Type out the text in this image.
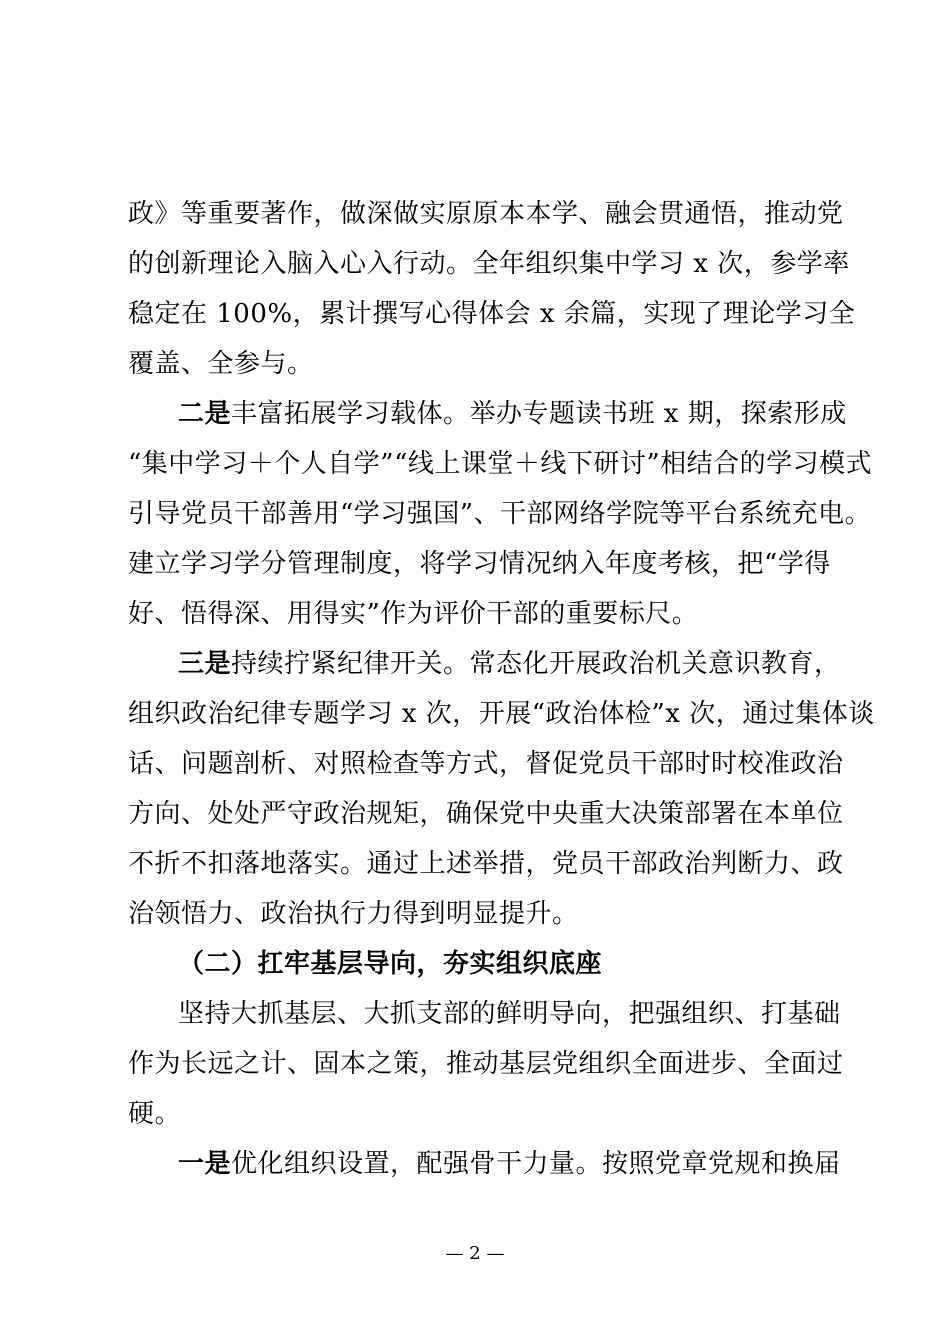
政》等重要著作，做深做实原原本本学、融会贯通悟，推动党
的创新理论入脑入心入行动。全年组织集中学习 x 次，参学率
稳定在 100%，累计撰写心得体会 x 余篇，实现了理论学习全
覆盖、全参与。
二是丰富拓展学习载体。举办专题读书班 x 期，探索形成
“集中学习＋个人自学”“线上课堂＋线下研讨”相结合的学习模式
引导党员干部善用“学习强国”、干部网络学院等平台系统充电。
建立学习学分管理制度，将学习情况纳入年度考核，把“学得
好、悟得深、用得实”作为评价干部的重要标尺。
三是持续拧紧纪律开关。常态化开展政治机关意识教育，
组织政治纪律专题学习 x 次，开展“政治体检”x 次，通过集体谈
话、问题剖析、对照检查等方式，督促党员干部时时校准政治
方向、处处严守政治规矩，确保党中央重大决策部署在本单位
不折不扣落地落实。通过上述举措，党员干部政治判断力、政
治领悟力、政治执行力得到明显提升。
（二）扛牢基层导向，夯实组织底座
坚持大抓基层、大抓支部的鲜明导向，把强组织、打基础
作为长远之计、固本之策，推动基层党组织全面进步、全面过
硬。
一是优化组织设置，配强骨干力量。按照党章党规和换届
— 2 —
